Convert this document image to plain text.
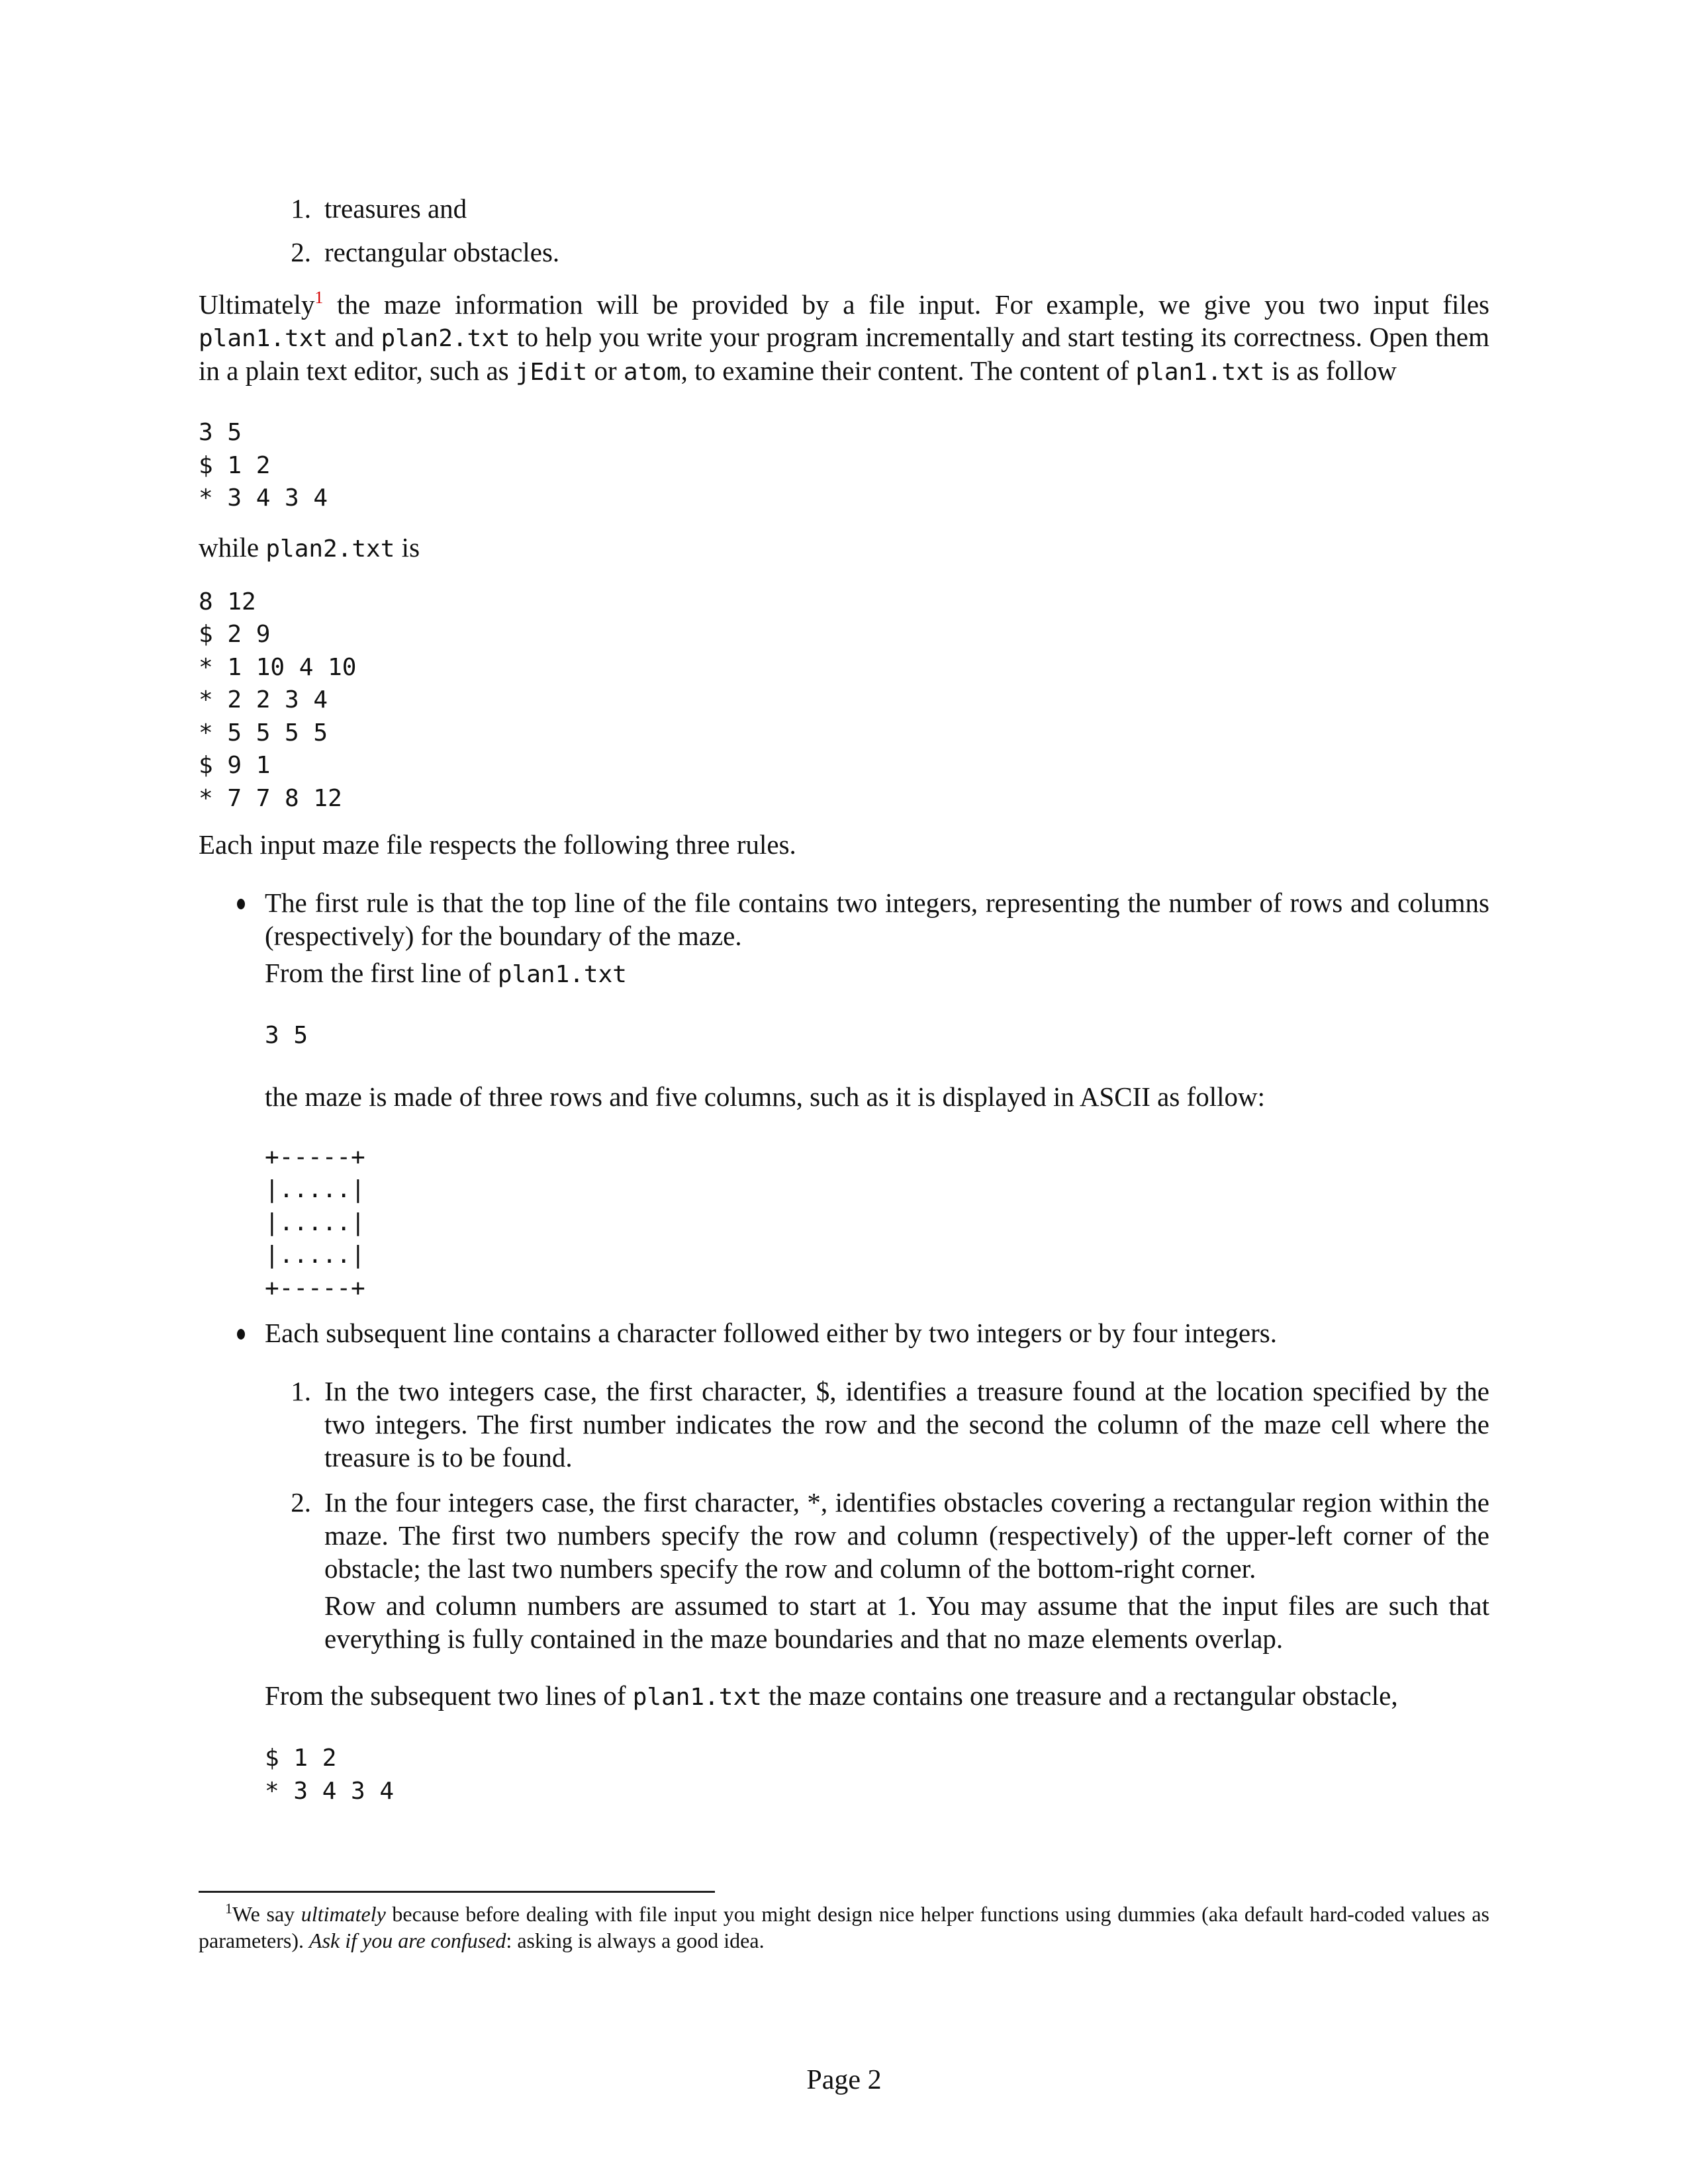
1. treasures and
2. rectangular obstacles.

Ultimately$^1$ the maze information will be provided by a file input. For example, we give you two input files plan1.txt and plan2.txt to help you write your program incrementally and start testing its correctness. Open them in a plain text editor, such as jEdit or atom, to examine their content. The content of plan1.txt is as follow

3 5
$ 1 2
* 3 4 3 4

while plan2.txt is

8 12
$ 2 9
* 1 10 4 10
* 2 2 3 4
* 5 5 5 5
$ 9 1
* 7 7 8 12

Each input maze file respects the following three rules.

The first rule is that the top line of the file contains two integers, representing the number of rows and columns (respectively) for the boundary of the maze.

From the first line of plan1.txt

3 5

the maze is made of three rows and five columns, such as it is displayed in ASCII as follow:

+-----+
|.....|
|.....|
|.....|
+-----+

Each subsequent line contains a character followed either by two integers or by four integers.

1. In the two integers case, the first character, $, identifies a treasure found at the location specified by the two integers. The first number indicates the row and the second the column of the maze cell where the treasure is to be found.

2. In the four integers case, the first character, *, identifies obstacles covering a rectangular region within the maze. The first two numbers specify the row and column (respectively) of the upper-left corner of the obstacle; the last two numbers specify the row and column of the bottom-right corner.

Row and column numbers are assumed to start at 1. You may assume that the input files are such that everything is fully contained in the maze boundaries and that no maze elements overlap.

From the subsequent two lines of plan1.txt the maze contains one treasure and a rectangular obstacle,

$ 1 2
* 3 4 3 4
$^1$We say ultimately because before dealing with file input you might design nice helper functions using dummies (aka default hard-coded values as parameters). Ask if you are confused: asking is always a good idea.
Page 2
